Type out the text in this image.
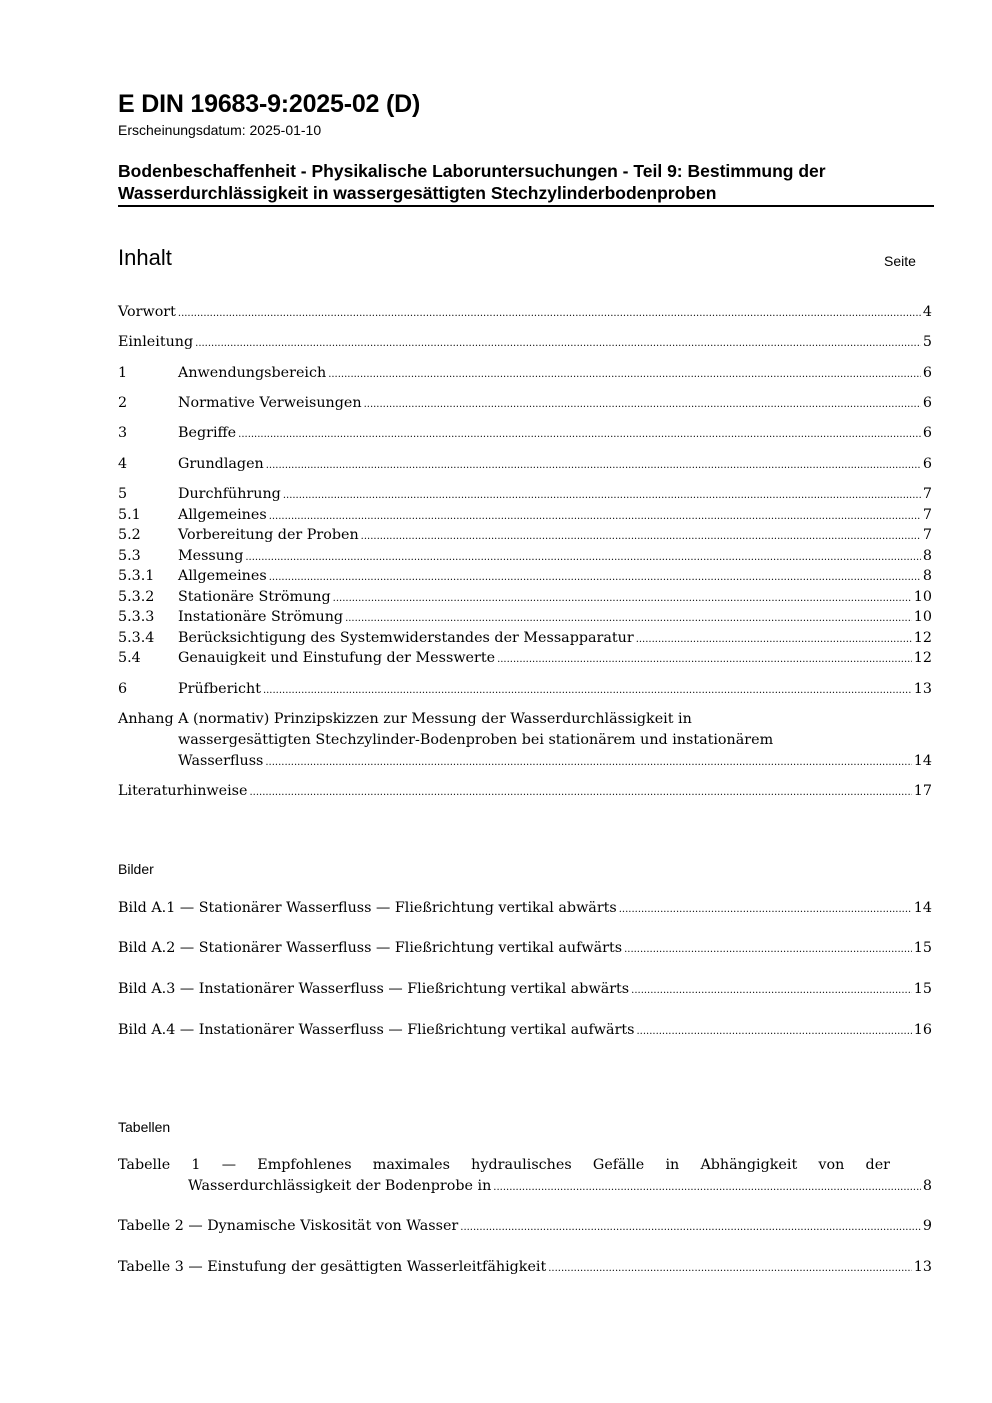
E DIN 19683-9:2025-02 (D)
Erscheinungsdatum: 2025-01-10
Bodenbeschaffenheit - Physikalische Laboruntersuchungen - Teil 9: Bestimmung der
Wasserdurchlässigkeit in wassergesättigten Stechzylinderbodenproben
Inhalt	Seite
Vorwort .....	4
Einleitung .....	5
1	Anwendungsbereich .....	6
2	Normative Verweisungen .....	6
3	Begriffe .....	6
4	Grundlagen .....	6
5	Durchführung .....	7
5.1	Allgemeines .....	7
5.2	Vorbereitung der Proben .....	7
5.3	Messung .....	8
5.3.1	Allgemeines .....	8
5.3.2	Stationäre Strömung .....	10
5.3.3	Instationäre Strömung .....	10
5.3.4	Berücksichtigung des Systemwiderstandes der Messapparatur .....	12
5.4	Genauigkeit und Einstufung der Messwerte .....	12
6	Prüfbericht .....	13
Anhang A (normativ) Prinzipskizzen zur Messung der Wasserdurchlässigkeit in
wassergesättigten Stechzylinder-Bodenproben bei stationärem und instationärem
Wasserfluss .....	14
Literaturhinweise .....	17
Bilder
Bild A.1 — Stationärer Wasserfluss — Fließrichtung vertikal abwärts .....	14
Bild A.2 — Stationärer Wasserfluss — Fließrichtung vertikal aufwärts .....	15
Bild A.3 — Instationärer Wasserfluss — Fließrichtung vertikal abwärts .....	15
Bild A.4 — Instationärer Wasserfluss — Fließrichtung vertikal aufwärts .....	16
Tabellen
Tabelle 1 — Empfohlenes maximales hydraulisches Gefälle in Abhängigkeit von der
Wasserdurchlässigkeit der Bodenprobe in .....	8
Tabelle 2 — Dynamische Viskosität von Wasser .....	9
Tabelle 3 — Einstufung der gesättigten Wasserleitfähigkeit .....	13
